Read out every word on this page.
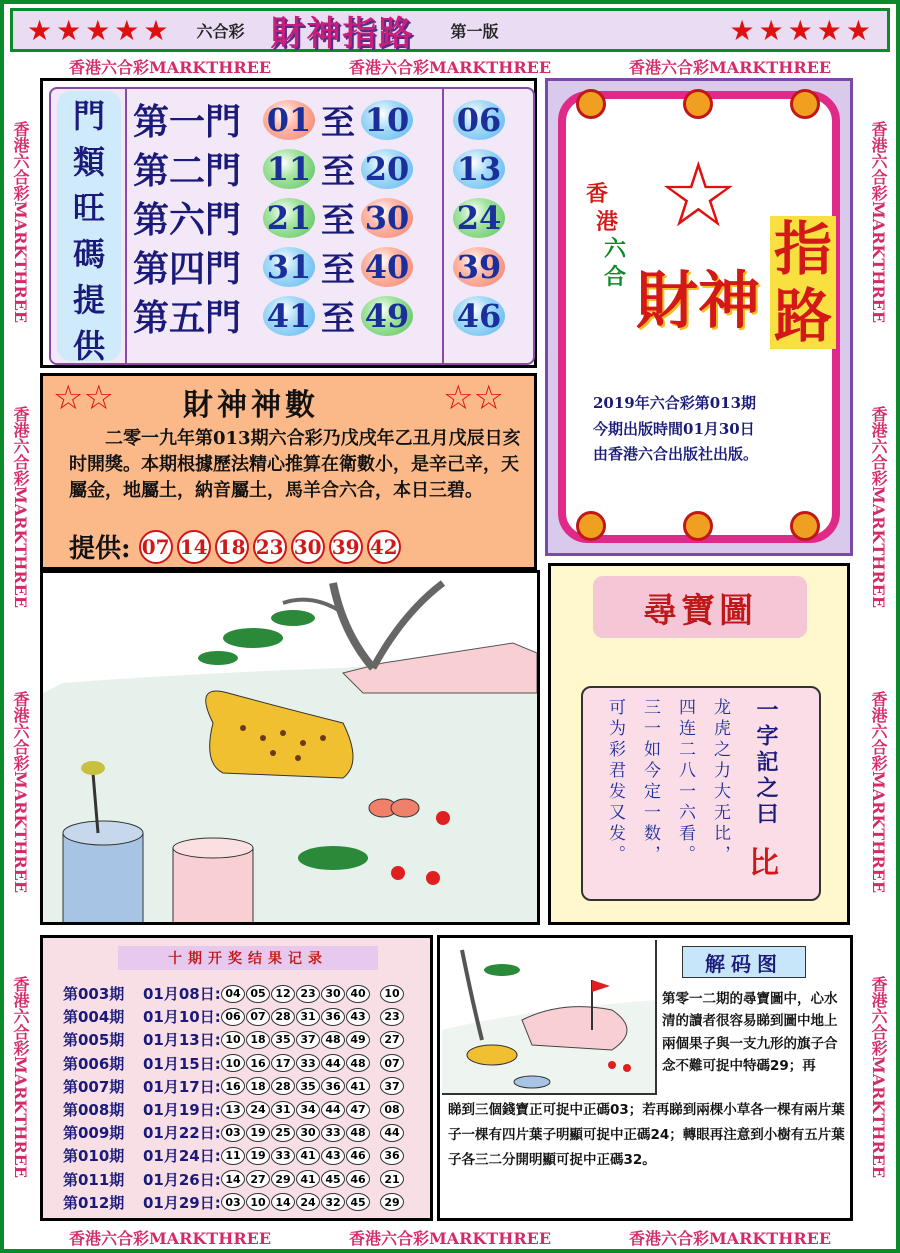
香港六合彩MARKTHREE	香港六合彩MARKTHREE	香港六合彩MARKTHREE
香港六合彩MARKTHREE	香港六合彩MARKTHREE	香港六合彩MARKTHREE
香港六合彩MARKTHREE
香港六合彩MARKTHREE
香港六合彩MARKTHREE
香港六合彩MARKTHREE
香港六合彩MARKTHREE
香港六合彩MARKTHREE
香港六合彩MARKTHREE
香港六合彩MARKTHREE
★★★★★ 六合彩 財神指路 第一版	★★★★★
門
類
旺
碼
提
供
第一門 01 至 10 06
第二門 11 至 20 13
第六門 21 至 30 24
第四門 31 至 40 39
第五門 41 至 49 46
☆
香
港
六
合 財神
指
路
2019年六合彩第013期
今期出版時間01月30日
由香港六合出版社出版。
☆☆ 財神神數	☆☆
二零一九年第013期六合彩乃戊戌年乙丑月戊辰日亥时開獎。本期根據歷法精心推算在衛數小，是辛己辛，天屬金，地屬土，納音屬土，馬羊合六合，本日三碧。
提供: 07 14 18 23 30 39 42
尋寶圖
龙虎之力大无比，
四连二八一六看。
三一如今定一数，
可为彩君发又发。	一字記之曰
比
十期开奖结果记录
第003期	01月08日: 04 05 12 23 30 40	10
第004期	01月10日: 06 07 28 31 36 43	23
第005期	01月13日: 10 18 35 37 48 49	27
第006期	01月15日: 10 16 17 33 44 48	07
第007期	01月17日: 16 18 28 35 36 41	37
第008期	01月19日: 13 24 31 34 44 47	08
第009期	01月22日: 03 19 25 30 33 48	44
第010期	01月24日: 11 19 33 41 43 46	36
第011期	01月26日: 14 27 29 41 45 46	21
第012期	01月29日: 03 10 14 24 32 45	29
解码图
第零一二期的尋寶圖中，心水清的讀者很容易睇到圖中地上兩個果子與一支九形的旗子合念不難可捉中特碼29；再
睇到三個錢寶正可捉中正碼03；若再睇到兩棵小草各一棵有兩片葉子一棵有四片葉子明顯可捉中正碼24；轉眼再注意到小樹有五片葉子各三二分開明顯可捉中正碼32。
